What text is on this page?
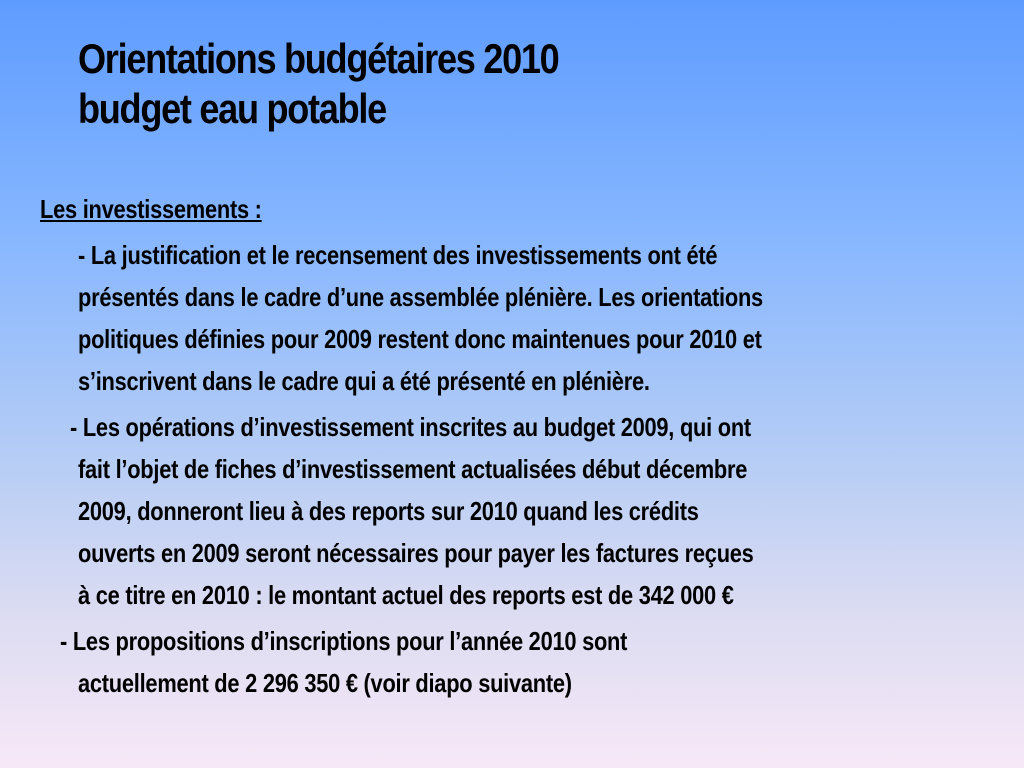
Orientations budgétaires 2010
budget eau potable
Les investissements :
- La justification et le recensement des investissements ont été
présentés dans le cadre d’une assemblée plénière. Les orientations
politiques définies pour 2009 restent donc maintenues pour 2010 et
s’inscrivent dans le cadre qui a été présenté en plénière.
- Les opérations d’investissement inscrites au budget 2009, qui ont
fait l’objet de fiches d’investissement actualisées début décembre
2009, donneront lieu à des reports sur 2010 quand les crédits
ouverts en 2009 seront nécessaires pour payer les factures reçues
à ce titre en 2010 : le montant actuel des reports est de 342 000 €
- Les propositions d’inscriptions pour l’année 2010 sont
actuellement de 2 296 350 € (voir diapo suivante)
